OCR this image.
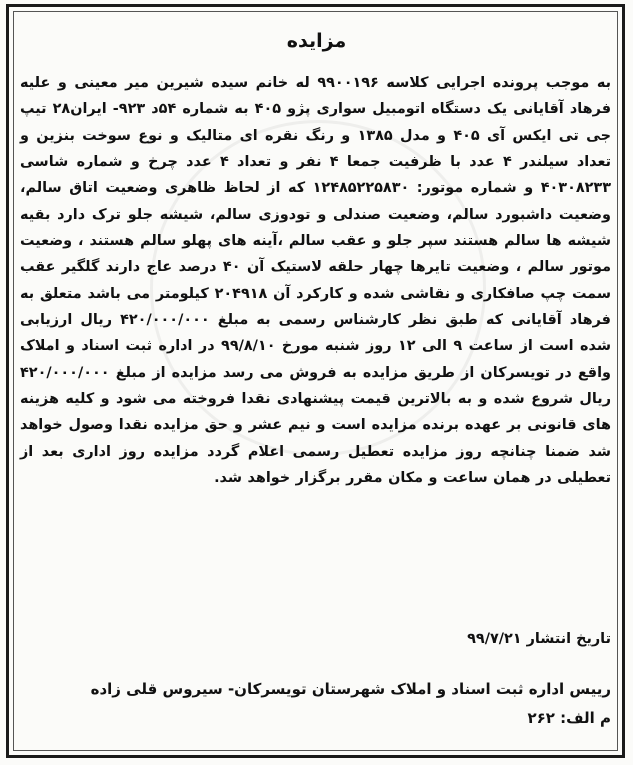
مزایده
به موجب پرونده اجرایی کلاسه ۹۹۰۰۱۹۶ له خانم سیده شیرین میر معینی و علیه فرهاد آقایانی یک دستگاه اتومبیل سواری پژو ۴۰۵ به شماره ۵۴د ۹۲۳- ایران۲۸ تیپ جی تی ایکس آی ۴۰۵ و مدل ۱۳۸۵ و رنگ نقره ای متالیک و نوع سوخت بنزین و تعداد سیلندر ۴ عدد با ظرفیت جمعا ۴ نفر و تعداد ۴ عدد چرخ و شماره شاسی ۴۰۳۰۸۲۳۳ و شماره موتور: ۱۲۴۸۵۲۲۵۸۳۰ که از لحاظ ظاهری وضعیت اتاق سالم، وضعیت داشبورد سالم، وضعیت صندلی و تودوزی سالم، شیشه جلو ترک دارد بقیه شیشه ها سالم هستند سپر جلو و عقب سالم ،آینه های پهلو سالم هستند ، وضعیت موتور سالم ، وضعیت تایرها چهار حلقه لاستیک آن ۴۰ درصد عاج دارند گلگیر عقب سمت چپ صافکاری و نقاشی شده و کارکرد آن ۲۰۴۹۱۸ کیلومتر می باشد متعلق به فرهاد آقایانی که طبق نظر کارشناس رسمی به مبلغ ۴۲۰/۰۰۰/۰۰۰ ریال ارزیابی شده است از ساعت ۹ الی ۱۲ روز شنبه مورخ ۹۹/۸/۱۰ در اداره ثبت اسناد و املاک واقع در تویسرکان از طریق مزایده به فروش می رسد مزایده از مبلغ ۴۲۰/۰۰۰/۰۰۰ ریال شروع شده و به بالاترین قیمت پیشنهادی نقدا فروخته می شود و کلیه هزینه های قانونی بر عهده برنده مزایده است و نیم عشر و حق مزایده نقدا وصول خواهد شد ضمنا چنانچه روز مزایده تعطیل رسمی اعلام گردد مزایده روز اداری بعد از تعطیلی در همان ساعت و مکان مقرر برگزار خواهد شد.
تاریخ انتشار ۹۹/۷/۲۱
رییس اداره ثبت اسناد و املاک شهرستان تویسرکان- سیروس قلی زاده
م الف: ۲۶۲
